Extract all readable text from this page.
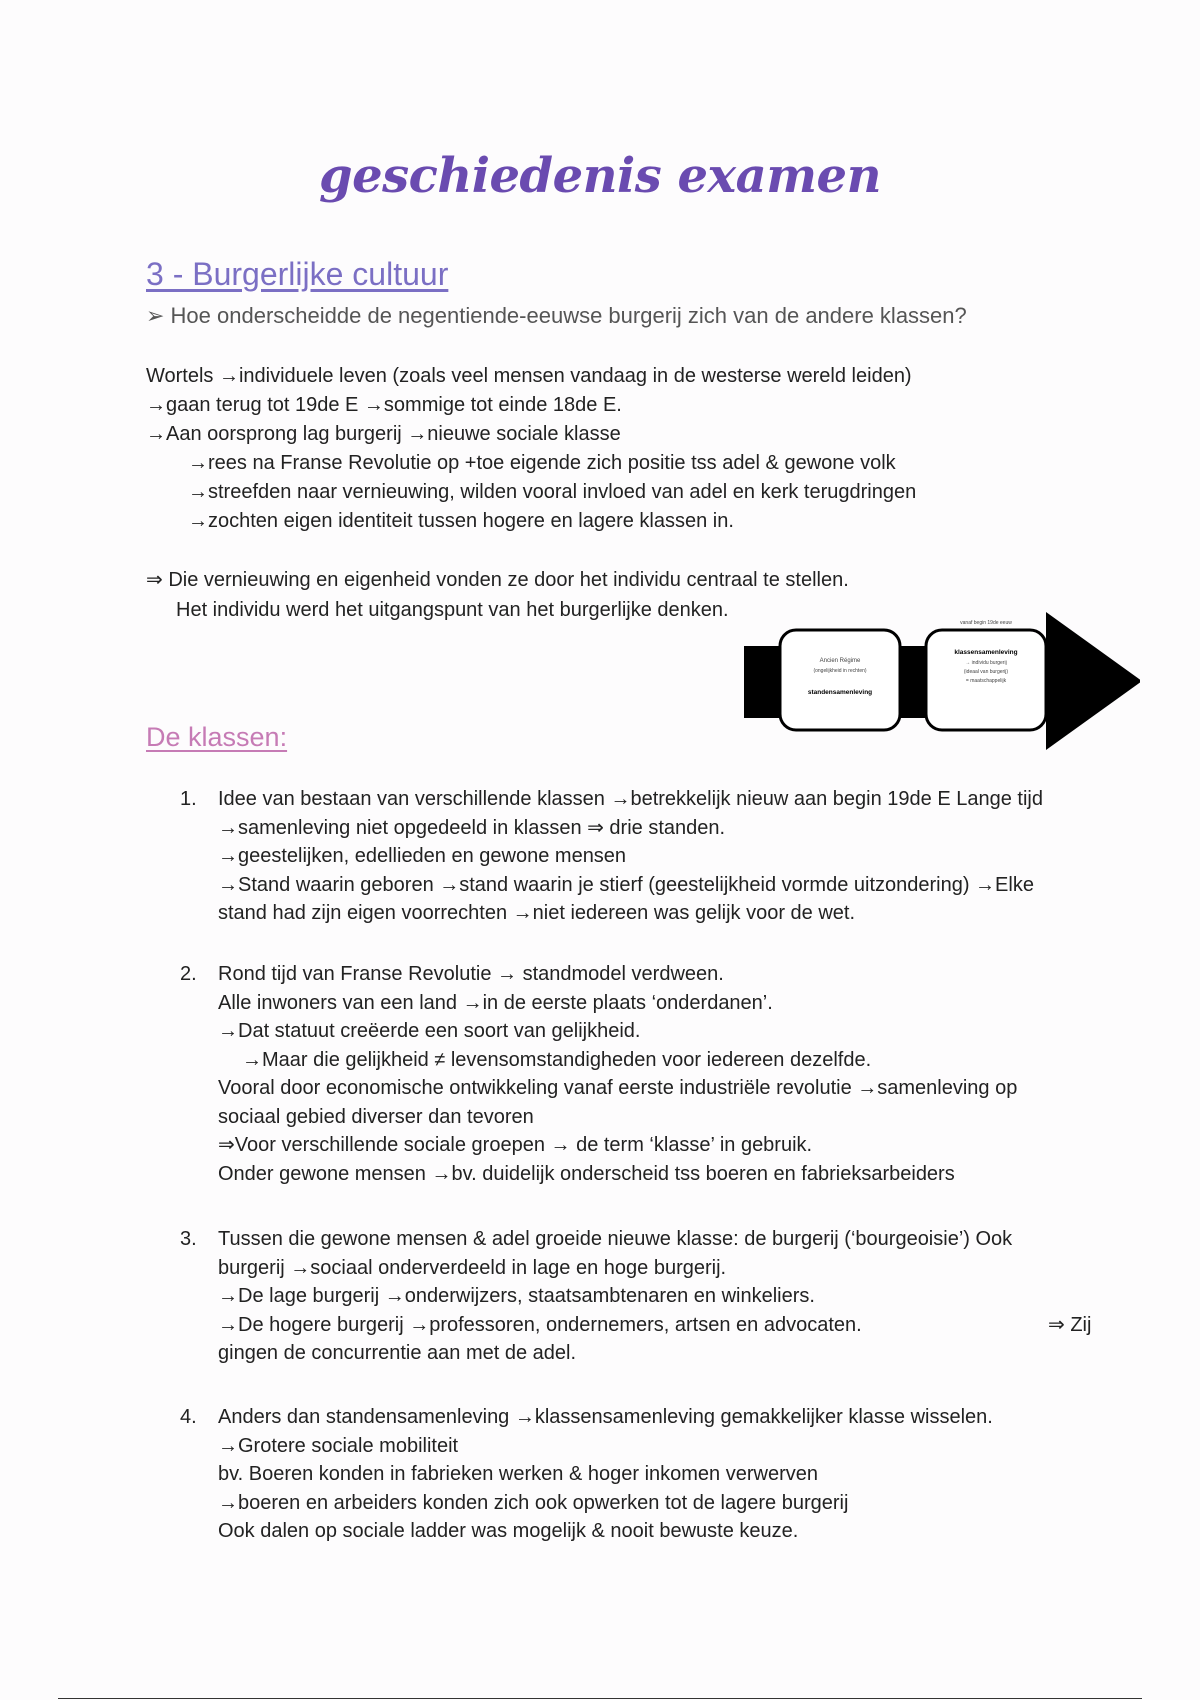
geschiedenis examen
3 - Burgerlijke cultuur
➢ Hoe onderscheidde de negentiende-eeuwse burgerij zich van de andere klassen?
Wortels →individuele leven (zoals veel mensen vandaag in de westerse wereld leiden)
→gaan terug tot 19de E →sommige tot einde 18de E.
→Aan oorsprong lag burgerij →nieuwe sociale klasse
→rees na Franse Revolutie op +toe eigende zich positie tss adel & gewone volk
→streefden naar vernieuwing, wilden vooral invloed van adel en kerk terugdringen
→zochten eigen identiteit tussen hogere en lagere klassen in.
⇒ Die vernieuwing en eigenheid vonden ze door het individu centraal te stellen.
Het individu werd het uitgangspunt van het burgerlijke denken.
Ancien Régime
(ongelijkheid in rechten)
standensamenleving
vanaf begin 19de eeuw
klassensamenleving
→ individu burgerij
(ideaal van burgerij)
= maatschappelijk
De klassen:
1.	Idee van bestaan van verschillende klassen →betrekkelijk nieuw aan begin 19de E Lange tijd
→samenleving niet opgedeeld in klassen ⇒ drie standen.
→geestelijken, edellieden en gewone mensen
→Stand waarin geboren →stand waarin je stierf (geestelijkheid vormde uitzondering) →Elke
stand had zijn eigen voorrechten →niet iedereen was gelijk voor de wet.
2.	Rond tijd van Franse Revolutie → standmodel verdween.
Alle inwoners van een land →in de eerste plaats ‘onderdanen’.
→Dat statuut creëerde een soort van gelijkheid.
→Maar die gelijkheid ≠ levensomstandigheden voor iedereen dezelfde.
Vooral door economische ontwikkeling vanaf eerste industriële revolutie →samenleving op
sociaal gebied diverser dan tevoren
⇒Voor verschillende sociale groepen → de term ‘klasse’ in gebruik.
Onder gewone mensen →bv. duidelijk onderscheid tss boeren en fabrieksarbeiders
3.	Tussen die gewone mensen & adel groeide nieuwe klasse: de burgerij (‘bourgeoisie’) Ook
burgerij →sociaal onderverdeeld in lage en hoge burgerij.
→De lage burgerij →onderwijzers, staatsambtenaren en winkeliers.
→De hogere burgerij →professoren, ondernemers, artsen en advocaten.	⇒ Zij
gingen de concurrentie aan met de adel.
4.	Anders dan standensamenleving →klassensamenleving gemakkelijker klasse wisselen.
→Grotere sociale mobiliteit
bv. Boeren konden in fabrieken werken & hoger inkomen verwerven
→boeren en arbeiders konden zich ook opwerken tot de lagere burgerij
Ook dalen op sociale ladder was mogelijk & nooit bewuste keuze.
